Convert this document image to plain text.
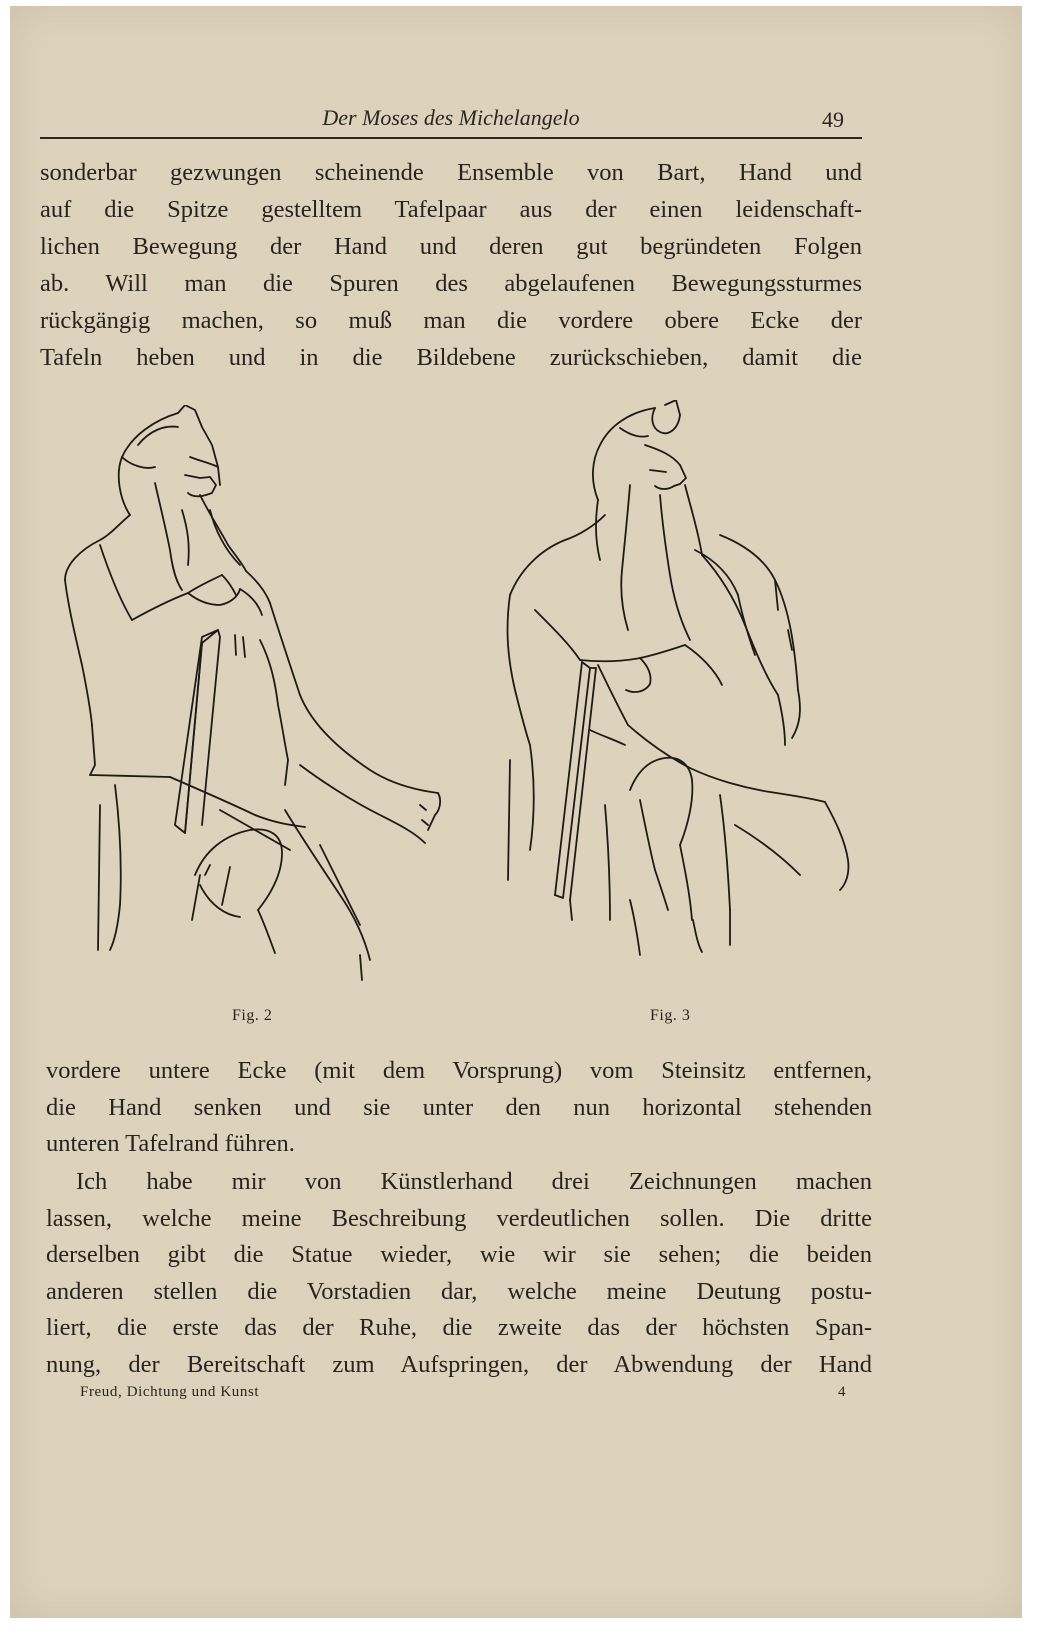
Der Moses des Michelangelo	49
sonderbar gezwungen scheinende Ensemble von Bart, Hand und
auf die Spitze gestelltem Tafelpaar aus der einen leidenschaft-
lichen Bewegung der Hand und deren gut begründeten Folgen
ab. Will man die Spuren des abgelaufenen Bewegungssturmes
rückgängig machen, so muß man die vordere obere Ecke der
Tafeln heben und in die Bildebene zurückschieben, damit die
Fig. 2	Fig. 3
vordere untere Ecke (mit dem Vorsprung) vom Steinsitz entfernen,
die Hand senken und sie unter den nun horizontal stehenden
unteren Tafelrand führen.
Ich habe mir von Künstlerhand drei Zeichnungen machen
lassen, welche meine Beschreibung verdeutlichen sollen. Die dritte
derselben gibt die Statue wieder, wie wir sie sehen; die beiden
anderen stellen die Vorstadien dar, welche meine Deutung postu-
liert, die erste das der Ruhe, die zweite das der höchsten Span-
nung, der Bereitschaft zum Aufspringen, der Abwendung der Hand
Freud, Dichtung und Kunst	4
